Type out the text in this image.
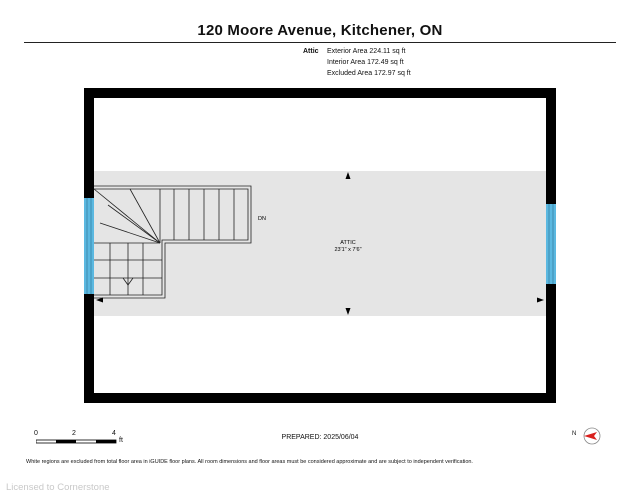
120 Moore Avenue, Kitchener, ON
Attic Exterior Area 224.11 sq ft
Interior Area 172.49 sq ft
Excluded Area 172.97 sq ft
DN
ATTIC
23'1" x 7'6"
0	2	4
ft	PREPARED: 2025/06/04	N
White regions are excluded from total floor area in iGUIDE floor plans. All room dimensions and floor areas must be considered approximate and are subject to independent verification.
Licensed to Cornerstone
